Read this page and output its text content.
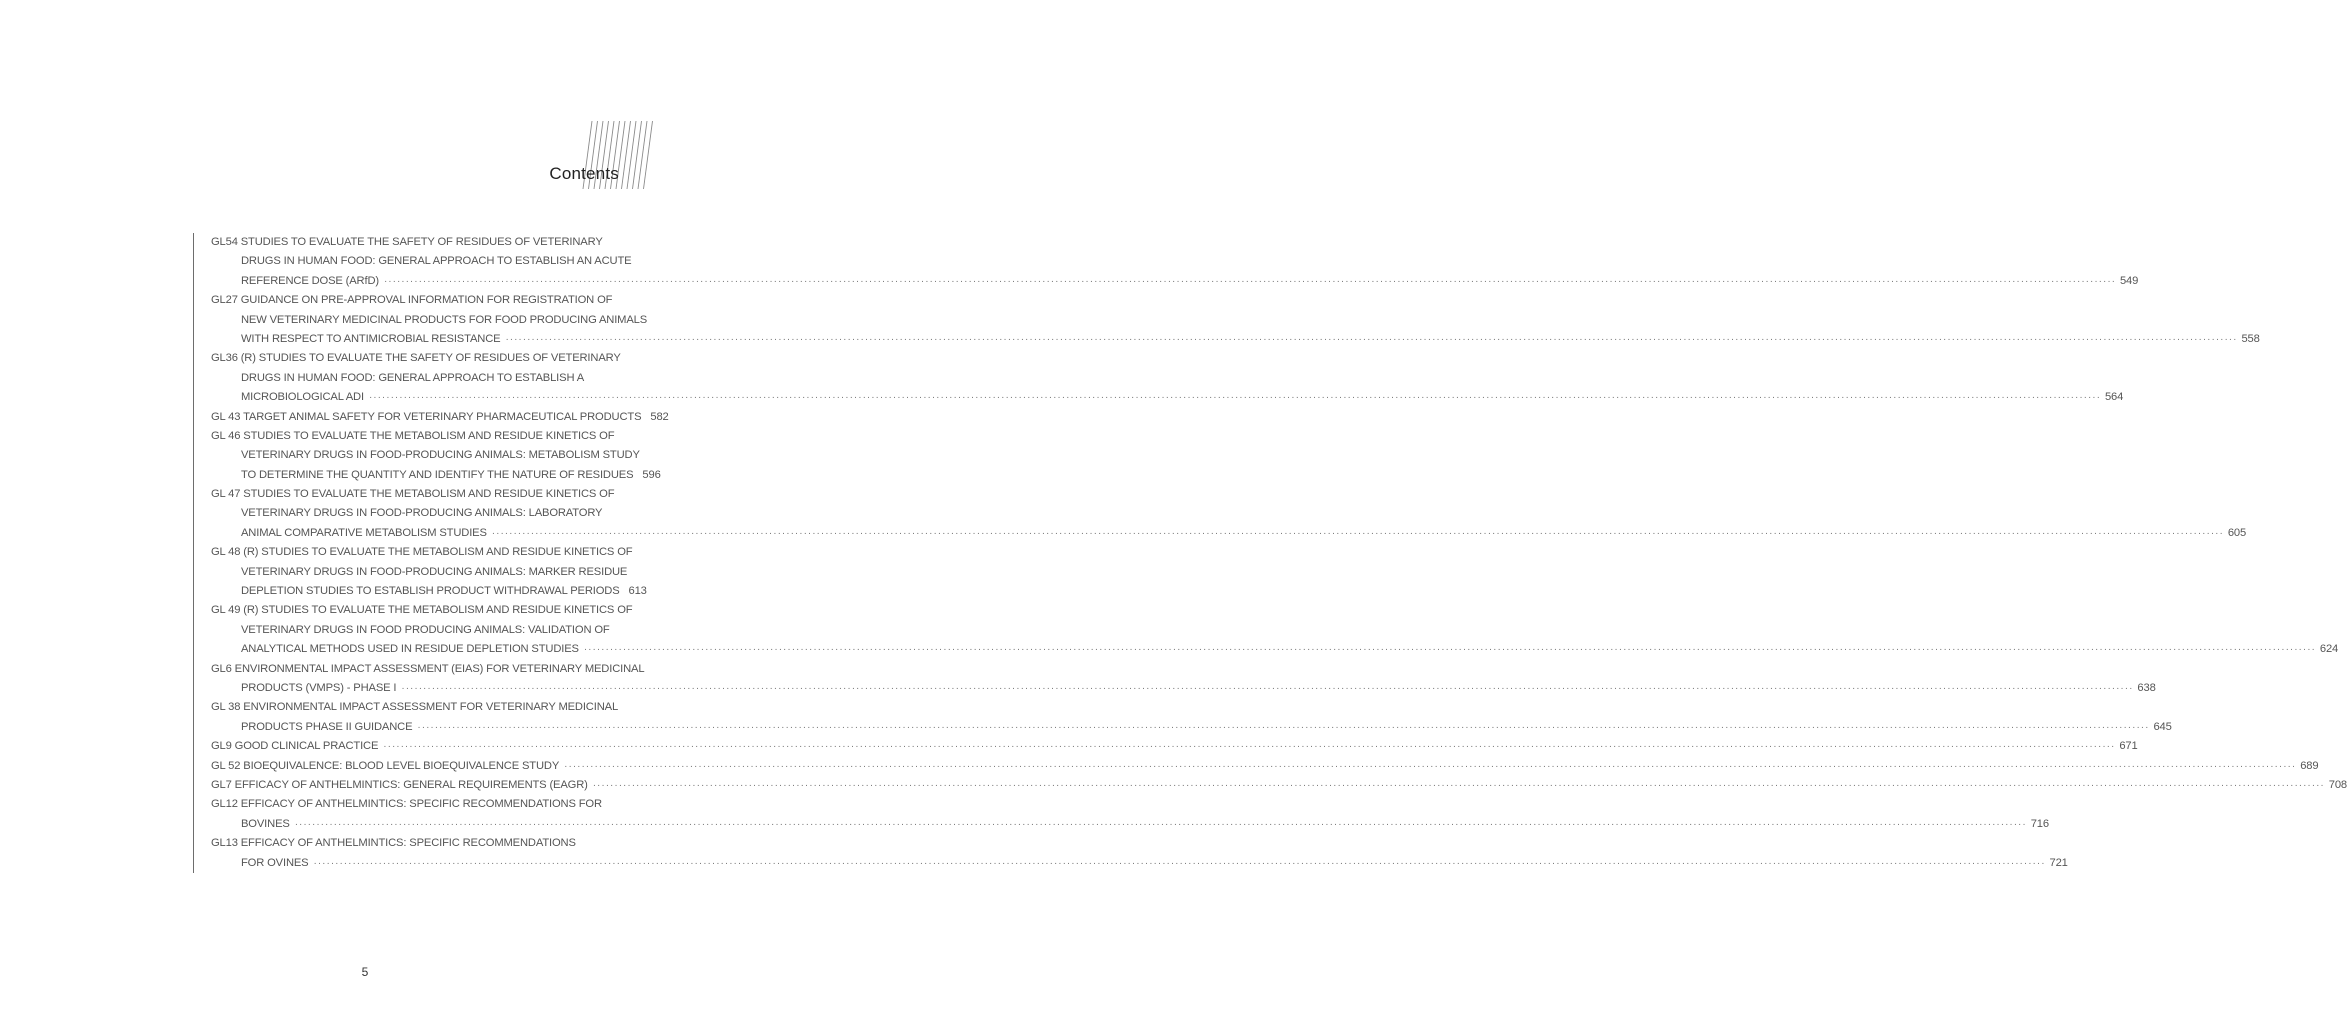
Contents
GL54 STUDIES TO EVALUATE THE SAFETY OF RESIDUES OF VETERINARY
DRUGS IN HUMAN FOOD: GENERAL APPROACH TO ESTABLISH AN ACUTE
REFERENCE DOSE (ARfD) ················································································································································································································································································································································································································ 549
GL27 GUIDANCE ON PRE-APPROVAL INFORMATION FOR REGISTRATION OF
NEW VETERINARY MEDICINAL PRODUCTS FOR FOOD PRODUCING ANIMALS
WITH RESPECT TO ANTIMICROBIAL RESISTANCE ················································································································································································································································································································································································································ 558
GL36 (R) STUDIES TO EVALUATE THE SAFETY OF RESIDUES OF VETERINARY
DRUGS IN HUMAN FOOD: GENERAL APPROACH TO ESTABLISH A
MICROBIOLOGICAL ADI ················································································································································································································································································································································································································ 564
GL 43 TARGET ANIMAL SAFETY FOR VETERINARY PHARMACEUTICAL PRODUCTS 582
GL 46 STUDIES TO EVALUATE THE METABOLISM AND RESIDUE KINETICS OF
VETERINARY DRUGS IN FOOD-PRODUCING ANIMALS: METABOLISM STUDY
TO DETERMINE THE QUANTITY AND IDENTIFY THE NATURE OF RESIDUES 596
GL 47 STUDIES TO EVALUATE THE METABOLISM AND RESIDUE KINETICS OF
VETERINARY DRUGS IN FOOD-PRODUCING ANIMALS: LABORATORY
ANIMAL COMPARATIVE METABOLISM STUDIES ················································································································································································································································································································································································································ 605
GL 48 (R) STUDIES TO EVALUATE THE METABOLISM AND RESIDUE KINETICS OF
VETERINARY DRUGS IN FOOD-PRODUCING ANIMALS: MARKER RESIDUE
DEPLETION STUDIES TO ESTABLISH PRODUCT WITHDRAWAL PERIODS 613
GL 49 (R) STUDIES TO EVALUATE THE METABOLISM AND RESIDUE KINETICS OF
VETERINARY DRUGS IN FOOD PRODUCING ANIMALS: VALIDATION OF
ANALYTICAL METHODS USED IN RESIDUE DEPLETION STUDIES ················································································································································································································································································································································································································ 624
GL6 ENVIRONMENTAL IMPACT ASSESSMENT (EIAS) FOR VETERINARY MEDICINAL
PRODUCTS (VMPS) - PHASE I ················································································································································································································································································································································································································ 638
GL 38 ENVIRONMENTAL IMPACT ASSESSMENT FOR VETERINARY MEDICINAL
PRODUCTS PHASE II GUIDANCE ················································································································································································································································································································································································································ 645
GL9 GOOD CLINICAL PRACTICE ················································································································································································································································································································································································································ 671
GL 52 BIOEQUIVALENCE: BLOOD LEVEL BIOEQUIVALENCE STUDY ················································································································································································································································································································································································································ 689
GL7 EFFICACY OF ANTHELMINTICS: GENERAL REQUIREMENTS (EAGR) ················································································································································································································································································································································································································ 708
GL12 EFFICACY OF ANTHELMINTICS: SPECIFIC RECOMMENDATIONS FOR
BOVINES ················································································································································································································································································································································································································ 716
GL13 EFFICACY OF ANTHELMINTICS: SPECIFIC RECOMMENDATIONS
FOR OVINES ················································································································································································································································································································································································································ 721
5
